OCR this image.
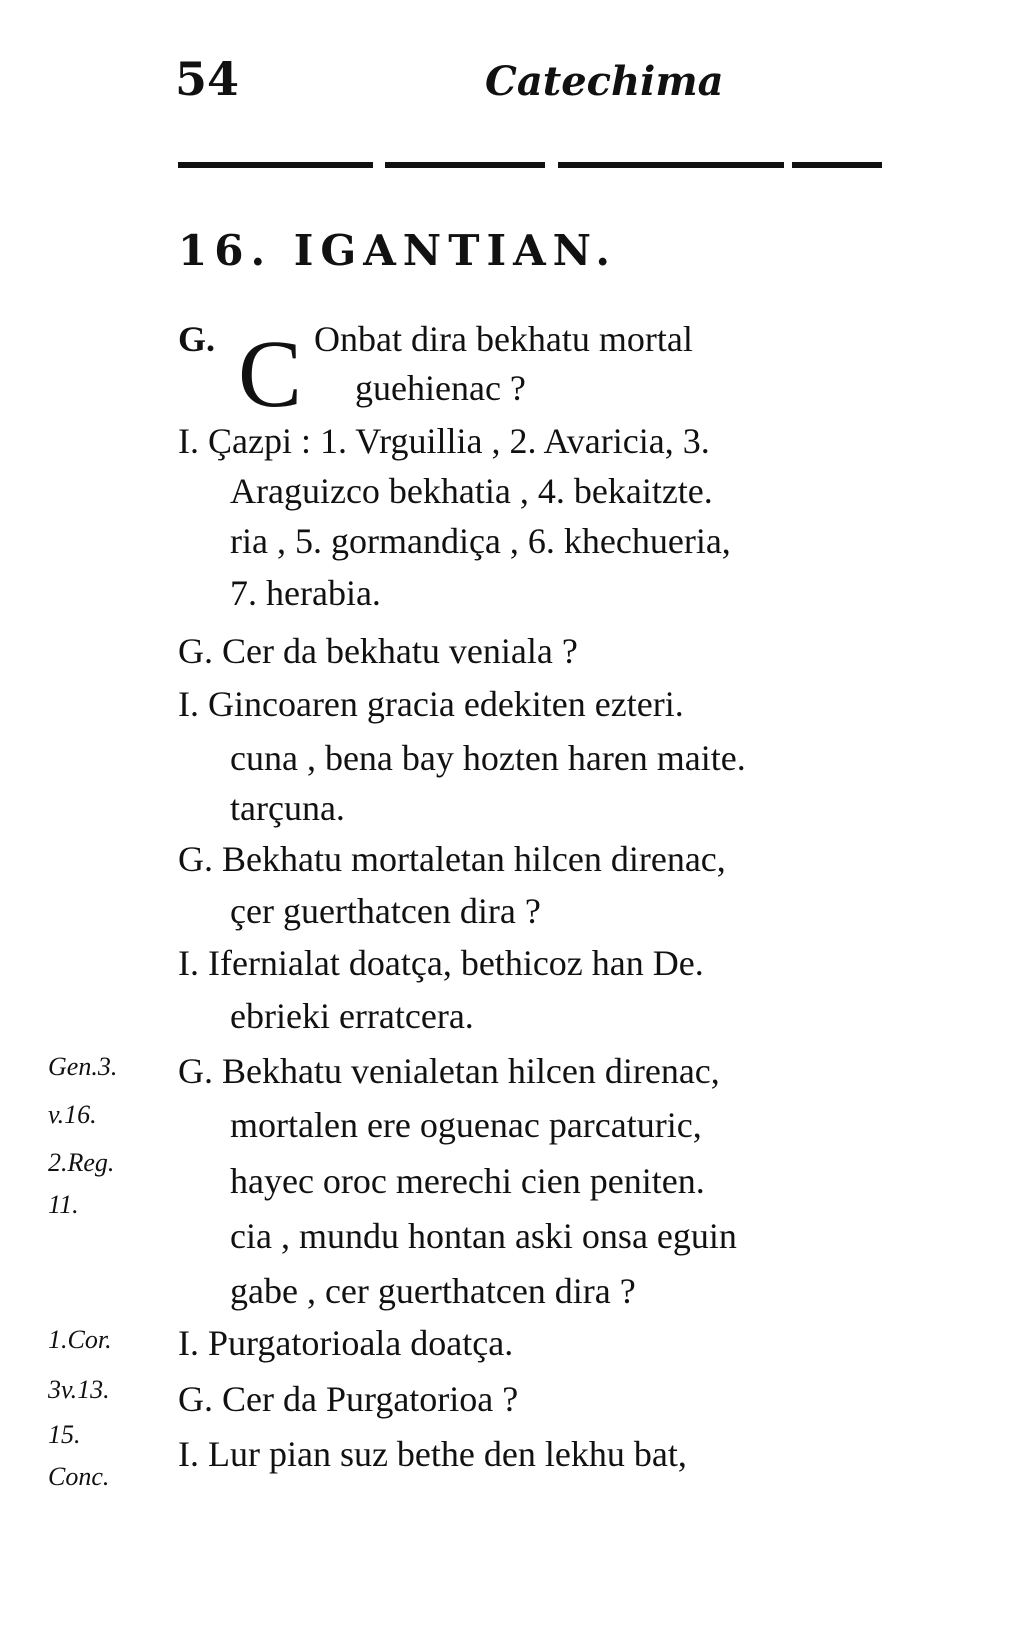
54	Catechima
16. IGANTIAN.
G. C Onbat dira bekhatu mortal
guehienac ?
I. Çazpi : 1. Vrguillia , 2. Avaricia, 3.
Araguizco bekhatia , 4. bekaitzte.
ria , 5. gormandiça , 6. khechueria,
7. herabia.
G. Cer da bekhatu veniala ?
I. Gincoaren gracia edekiten ezteri.
cuna , bena bay hozten haren maite.
tarçuna.
G. Bekhatu mortaletan hilcen direnac,
çer guerthatcen dira ?
I. Ifernialat doatça, bethicoz han De.
ebrieki erratcera.
G. Bekhatu venialetan hilcen direnac,
mortalen ere oguenac parcaturic,
hayec oroc merechi cien peniten.
cia , mundu hontan aski onsa eguin
gabe , cer guerthatcen dira ?
I. Purgatorioala doatça.
G. Cer da Purgatorioa ?
I. Lur pian suz bethe den lekhu bat,
Gen.3.
v.16.
2.Reg.
11.
1.Cor.
3v.13.
15.
Conc.
